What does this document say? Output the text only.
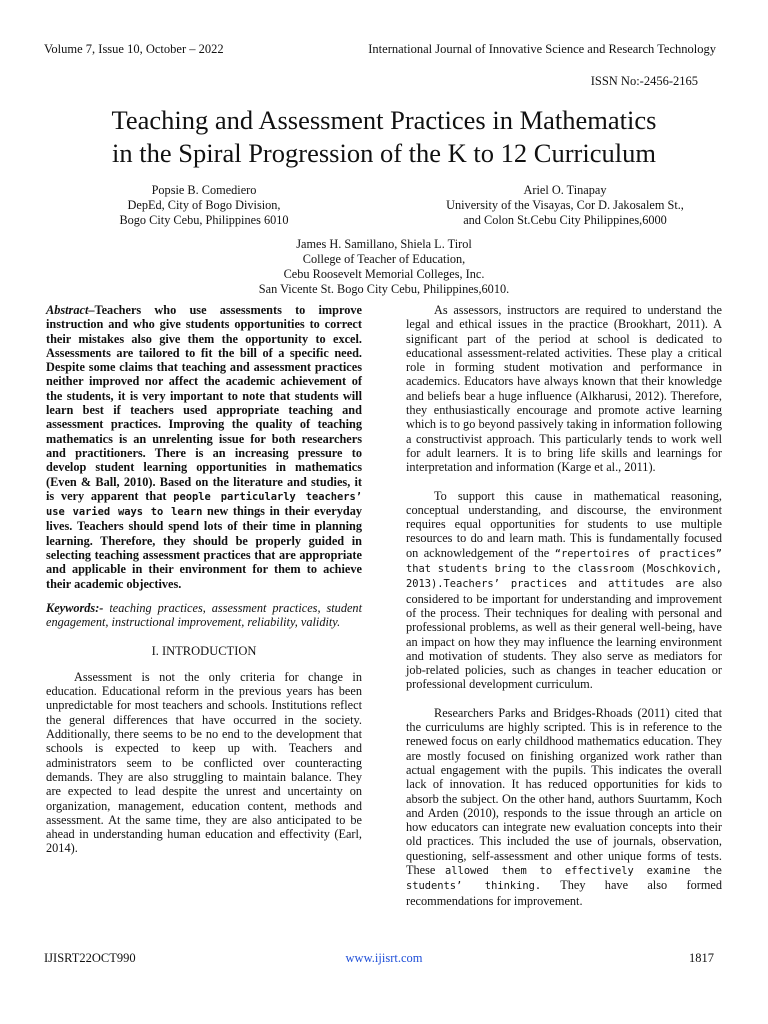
Volume 7, Issue 10, October – 2022	International Journal of Innovative Science and Research Technology
ISSN No:-2456-2165
Teaching and Assessment Practices in Mathematics
in the Spiral Progression of the K to 12 Curriculum
Popsie B. Comediero
DepEd, City of Bogo Division,
Bogo City Cebu, Philippines 6010
Ariel O. Tinapay
University of the Visayas, Cor D. Jakosalem St.,
and Colon St.Cebu City Philippines,6000
James H. Samillano, Shiela L. Tirol
College of Teacher of Education,
Cebu Roosevelt Memorial Colleges, Inc.
San Vicente St. Bogo City Cebu, Philippines,6010.

Abstract–Teachers who use assessments to improve instruction and who give students opportunities to correct their mistakes also give them the opportunity to excel. Assessments are tailored to fit the bill of a specific need. Despite some claims that teaching and assessment practices neither improved nor affect the academic achievement of the students, it is very important to note that students will learn best if teachers used appropriate teaching and assessment practices. Improving the quality of teaching mathematics is an unrelenting issue for both researchers and practitioners. There is an increasing pressure to develop student learning opportunities in mathematics (Even & Ball, 2010). Based on the literature and studies, it is very apparent that people particularly teachers’ use varied ways to learn new things in their everyday lives. Teachers should spend lots of their time in planning learning. Therefore, they should be properly guided in selecting teaching assessment practices that are appropriate and applicable in their environment for them to achieve their academic objectives.

Keywords:- teaching practices, assessment practices, student engagement, instructional improvement, reliability, validity.

I. INTRODUCTION

Assessment is not the only criteria for change in education. Educational reform in the previous years has been unpredictable for most teachers and schools. Institutions reflect the general differences that have occurred in the society. Additionally, there seems to be no end to the development that schools is expected to keep up with. Teachers and administrators seem to be conflicted over counteracting demands. They are also struggling to maintain balance. They are expected to lead despite the unrest and uncertainty on organization, management, education content, methods and assessment. At the same time, they are also anticipated to be ahead in understanding human education and effectivity (Earl, 2014).

As assessors, instructors are required to understand the legal and ethical issues in the practice (Brookhart, 2011). A significant part of the period at school is dedicated to educational assessment-related activities. These play a critical role in forming student motivation and performance in academics. Educators have always known that their knowledge and beliefs bear a huge influence (Alkharusi, 2012). Therefore, they enthusiastically encourage and promote active learning which is to go beyond passively taking in information following a constructivist approach. This particularly tends to work well for adult learners. It is to bring life skills and learnings for interpretation and information (Karge et al., 2011).

To support this cause in mathematical reasoning, conceptual understanding, and discourse, the environment requires equal opportunities for students to use multiple resources to do and learn math. This is fundamentally focused on acknowledgement of the “repertoires of practices” that students bring to the classroom (Moschkovich, 2013).Teachers’ practices and attitudes are also considered to be important for understanding and improvement of the process. Their techniques for dealing with personal and professional problems, as well as their general well-being, have an impact on how they may influence the learning environment and motivation of students. They also serve as mediators for job-related policies, such as changes in teacher education or professional development curriculum.

Researchers Parks and Bridges-Rhoads (2011) cited that the curriculums are highly scripted. This is in reference to the renewed focus on early childhood mathematics education. They are mostly focused on finishing organized work rather than actual engagement with the pupils. This indicates the overall lack of innovation. It has reduced opportunities for kids to absorb the subject. On the other hand, authors Suurtamm, Koch and Arden (2010), responds to the issue through an article on how educators can integrate new evaluation concepts into their old practices. This included the use of journals, observation, questioning, self-assessment and other unique forms of tests. These allowed them to effectively examine the students’ thinking. They have also formed recommendations for improvement.

IJISRT22OCT990	www.ijisrt.com	1817
